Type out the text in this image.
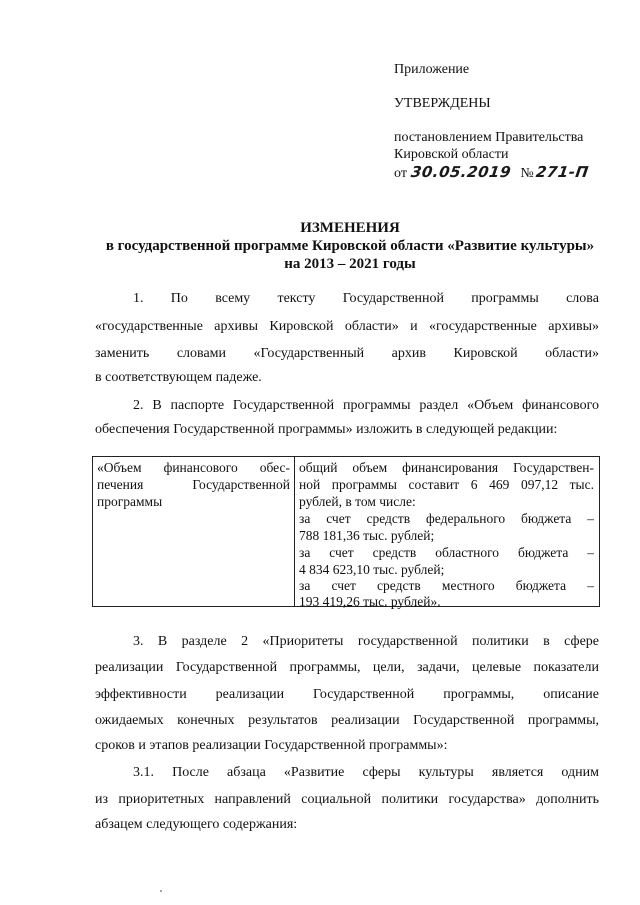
Приложение
УТВЕРЖДЕНЫ
постановлением Правительства
Кировской области
от 30.05.2019 №271-П
ИЗМЕНЕНИЯ
в государственной программе Кировской области «Развитие культуры»
на 2013 – 2021 годы
1. По всему тексту Государственной программы слова
«государственные архивы Кировской области» и «государственные архивы»
заменить словами «Государственный архив Кировской области»
в соответствующем падеже.
2. В паспорте Государственной программы раздел «Объем финансового
обеспечения Государственной программы» изложить в следующей редакции:
«Объем финансового обес-
печения Государственной
программы
общий объем финансирования Государствен-
ной программы составит 6 469 097,12 тыс.
рублей, в том числе:
за счет средств федерального бюджета –
788 181,36 тыс. рублей;
за счет средств областного бюджета –
4 834 623,10 тыс. рублей;
за счет средств местного бюджета –
193 419,26 тыс. рублей».
3. В разделе 2 «Приоритеты государственной политики в сфере
реализации Государственной программы, цели, задачи, целевые показатели
эффективности реализации Государственной программы, описание
ожидаемых конечных результатов реализации Государственной программы,
сроков и этапов реализации Государственной программы»:
3.1. После абзаца «Развитие сферы культуры является одним
из приоритетных направлений социальной политики государства» дополнить
абзацем следующего содержания:
